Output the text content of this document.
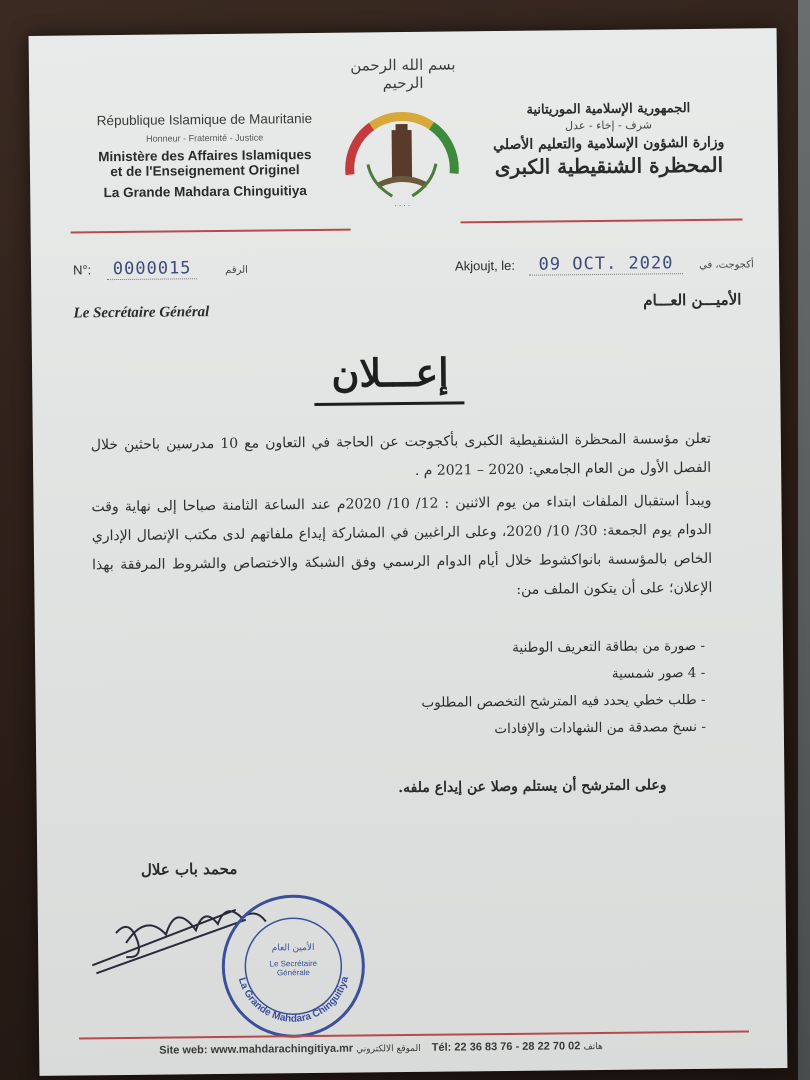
بسم الله الرحمن الرحيم
République Islamique de Mauritanie
Honneur - Fraternité - Justice
Ministère des Affaires Islamiques
et de l'Enseignement Originel
La Grande Mahdara Chinguitiya
· · · ·
الجمهورية الإسلامية الموريتانية
شرف - إخاء - عدل
وزارة الشؤون الإسلامية والتعليم الأصلي
المحظرة الشنقيطية الكبرى
N°: 0000015	الرقم	Akjoujt, le: 09 OCT. 2020	أكجوجت، في
Le Secrétaire Général
الأميـــن العـــام
إعـــلان
تعلن مؤسسة المحظرة الشنقيطية الكبرى بأكجوجت عن الحاجة في التعاون مع 10 مدرسين باحثين خلال الفصل الأول من العام الجامعي: 2020 – 2021 م .
ويبدأ استقبال الملفات ابتداء من يوم الاثنين : 12/ 10/ 2020م عند الساعة الثامنة صباحا إلى نهاية وقت الدوام يوم الجمعة: 30/ 10/ 2020، وعلى الراغبين في المشاركة إيداع ملفاتهم لدى مكتب الإتصال الإداري الخاص بالمؤسسة بانواكشوط خلال أيام الدوام الرسمي وفق الشبكة والاختصاص والشروط المرفقة بهذا الإعلان؛ على أن يتكون الملف من:
- صورة من بطاقة التعريف الوطنية
- 4 صور شمسية
- طلب خطي يحدد فيه المترشح التخصص المطلوب
- نسخ مصدقة من الشهادات والإفادات
وعلى المترشح أن يستلم وصلا عن إيداع ملفه.
محمد باب علال
La Grande Mahdara Chinguitiya
الأمين العام
Le Secrétaire
Générale
Site web: www.mahdarachingitiya.mr الموقع الالكتروني Tél: 22 36 83 76 - 28 22 70 02 هاتف
